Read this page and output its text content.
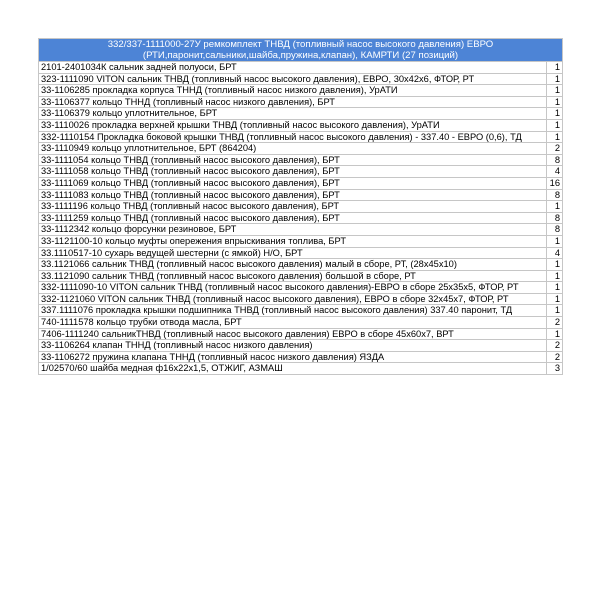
332/337-1111000-27У ремкомплект ТНВД (топливный насос высокого давления) ЕВРО (РТИ,паронит,сальники,шайба,пружина,клапан), КАМРТИ (27 позиций)	
2101-2401034К сальник задней полуоси, БРТ	1
323-1111090 VITON сальник ТНВД (топливный насос высокого давления), ЕВРО, 30х42х6, ФТОР, РТ	1
33-1106285 прокладка корпуса ТННД (топливный насос низкого давления), УрАТИ	1
33-1106377 кольцо ТННД (топливный насос низкого давления), БРТ	1
33-1106379 кольцо уплотнительное, БРТ	1
33-1110026 прокладка верхней крышки ТНВД (топливный насос высокого давления), УрАТИ	1
332-1110154 Прокладка боковой крышки ТНВД (топливный насос высокого давления) - 337.40 - ЕВРО (0,6), ТД	1
33-1110949 кольцо уплотнительное, БРТ (864204)	2
33-1111054 кольцо ТНВД (топливный насос высокого давления), БРТ	8
33-1111058 кольцо ТНВД (топливный насос высокого давления), БРТ	4
33-1111069 кольцо ТНВД (топливный насос высокого давления), БРТ	16
33-1111083 кольцо ТНВД (топливный насос высокого давления), БРТ	8
33-1111196 кольцо ТНВД (топливный насос высокого давления), БРТ	1
33-1111259 кольцо ТНВД (топливный насос высокого давления), БРТ	8
33-1112342 кольцо форсунки резиновое, БРТ	8
33-1121100-10 кольцо муфты опережения впрыскивания топлива, БРТ	1
33.1110517-10 сухарь ведущей шестерни (с ямкой) Н/О, БРТ	4
33.1121066 сальник ТНВД (топливный насос высокого давления) малый в сборе, РТ, (28х45х10)	1
33.1121090 сальник ТНВД (топливный насос высокого давления) большой в сборе, РТ	1
332-1111090-10 VITON сальник ТНВД (топливный насос высокого давления)-ЕВРО в сборе 25х35х5, ФТОР, РТ	1
332-1121060 VITON сальник ТНВД (топливный насос высокого давления), ЕВРО в сборе 32х45х7, ФТОР, РТ	1
337.1111076 прокладка крышки подшипника ТНВД (топливный насос высокого давления) 337.40 паронит, ТД	1
740-1111578 кольцо трубки отвода масла, БРТ	2
7406-1111240 сальникТНВД (топливный насос высокого давления) ЕВРО в сборе 45х60х7, ВРТ	1
33-1106264 клапан ТННД (топливный насос низкого давления)	2
33-1106272 пружина клапана ТННД (топливный насос низкого давления) ЯЗДА	2
1/02570/60 шайба медная ф16х22х1,5, ОТЖИГ, АЗМАШ	3
